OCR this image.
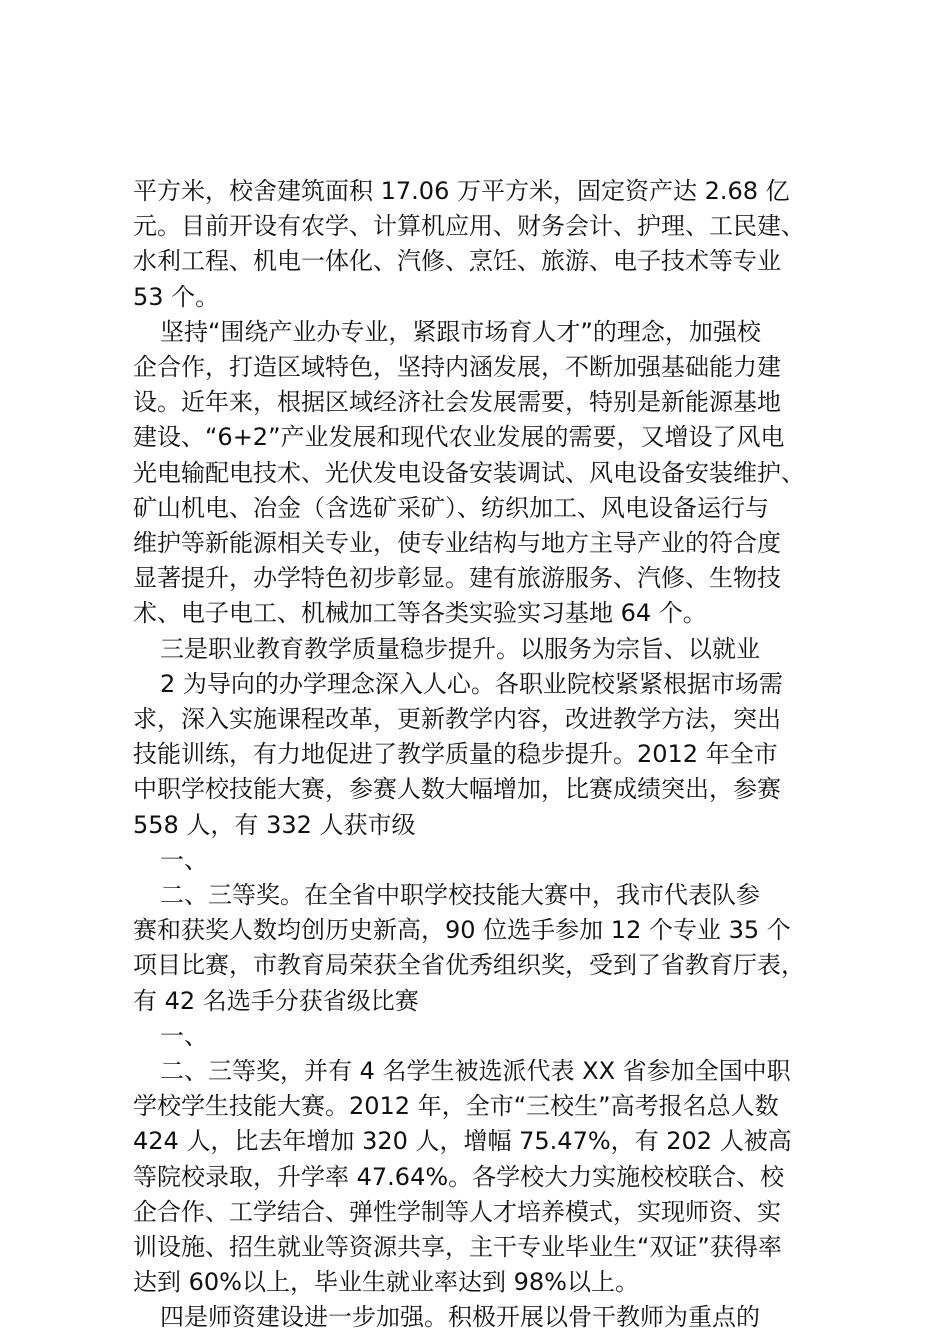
平方米，校舍建筑面积 17.06 万平方米，固定资产达 2.68 亿

元。目前开设有农学、计算机应用、财务会计、护理、工民建、

水利工程、机电一体化、汽修、烹饪、旅游、电子技术等专业

53 个。

坚持“围绕产业办专业，紧跟市场育人才”的理念，加强校

企合作，打造区域特色，坚持内涵发展，不断加强基础能力建

设。近年来，根据区域经济社会发展需要，特别是新能源基地

建设、“6+2”产业发展和现代农业发展的需要，又增设了风电

光电输配电技术、光伏发电设备安装调试、风电设备安装维护、

矿山机电、冶金（含选矿采矿）、纺织加工、风电设备运行与

维护等新能源相关专业，使专业结构与地方主导产业的符合度

显著提升，办学特色初步彰显。建有旅游服务、汽修、生物技

术、电子电工、机械加工等各类实验实习基地 64 个。

三是职业教育教学质量稳步提升。以服务为宗旨、以就业

2 为导向的办学理念深入人心。各职业院校紧紧根据市场需

求，深入实施课程改革，更新教学内容，改进教学方法，突出

技能训练，有力地促进了教学质量的稳步提升。2012 年全市

中职学校技能大赛，参赛人数大幅增加，比赛成绩突出，参赛

558 人，有 332 人获市级

一、

二、三等奖。在全省中职学校技能大赛中，我市代表队参

赛和获奖人数均创历史新高，90 位选手参加 12 个专业 35 个

项目比赛，市教育局荣获全省优秀组织奖，受到了省教育厅表，

有 42 名选手分获省级比赛

一、

二、三等奖，并有 4 名学生被选派代表 XX 省参加全国中职

学校学生技能大赛。2012 年，全市“三校生”高考报名总人数

424 人，比去年增加 320 人，增幅 75.47%，有 202 人被高

等院校录取，升学率 47.64%。各学校大力实施校校联合、校

企合作、工学结合、弹性学制等人才培养模式，实现师资、实

训设施、招生就业等资源共享，主干专业毕业生“双证”获得率

达到 60%以上，毕业生就业率达到 98%以上。

四是师资建设进一步加强。积极开展以骨干教师为重点的
